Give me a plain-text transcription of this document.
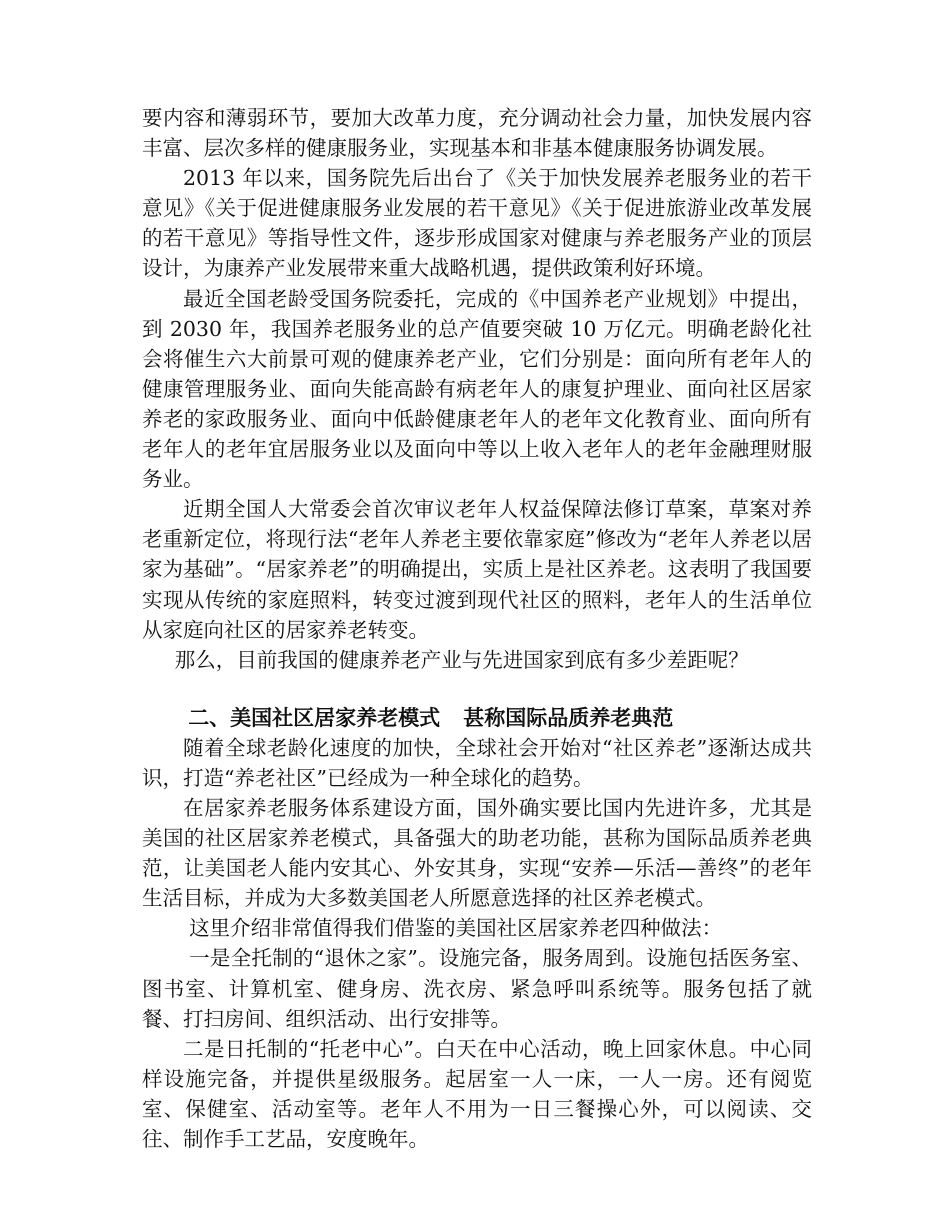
要内容和薄弱环节，要加大改革力度，充分调动社会力量，加快发展内容丰富、层次多样的健康服务业，实现基本和非基本健康服务协调发展。

2013 年以来，国务院先后出台了《关于加快发展养老服务业的若干意见》《关于促进健康服务业发展的若干意见》《关于促进旅游业改革发展的若干意见》等指导性文件，逐步形成国家对健康与养老服务产业的顶层设计，为康养产业发展带来重大战略机遇，提供政策利好环境。

最近全国老龄受国务院委托，完成的《中国养老产业规划》中提出，到 2030 年，我国养老服务业的总产值要突破 10 万亿元。明确老龄化社会将催生六大前景可观的健康养老产业，它们分别是：面向所有老年人的健康管理服务业、面向失能高龄有病老年人的康复护理业、面向社区居家养老的家政服务业、面向中低龄健康老年人的老年文化教育业、面向所有老年人的老年宜居服务业以及面向中等以上收入老年人的老年金融理财服务业。

近期全国人大常委会首次审议老年人权益保障法修订草案，草案对养老重新定位，将现行法“老年人养老主要依靠家庭”修改为“老年人养老以居家为基础”。“居家养老”的明确提出，实质上是社区养老。这表明了我国要实现从传统的家庭照料，转变过渡到现代社区的照料，老年人的生活单位从家庭向社区的居家养老转变。

那么，目前我国的健康养老产业与先进国家到底有多少差距呢？

二、美国社区居家养老模式 甚称国际品质养老典范

随着全球老龄化速度的加快，全球社会开始对“社区养老”逐渐达成共识，打造“养老社区”已经成为一种全球化的趋势。

在居家养老服务体系建设方面，国外确实要比国内先进许多，尤其是美国的社区居家养老模式，具备强大的助老功能，甚称为国际品质养老典范，让美国老人能内安其心、外安其身，实现“安养—乐活—善终”的老年生活目标，并成为大多数美国老人所愿意选择的社区养老模式。

这里介绍非常值得我们借鉴的美国社区居家养老四种做法：

一是全托制的“退休之家”。设施完备，服务周到。设施包括医务室、图书室、计算机室、健身房、洗衣房、紧急呼叫系统等。服务包括了就餐、打扫房间、组织活动、出行安排等。

二是日托制的“托老中心”。白天在中心活动，晚上回家休息。中心同样设施完备，并提供星级服务。起居室一人一床，一人一房。还有阅览室、保健室、活动室等。老年人不用为一日三餐操心外，可以阅读、交往、制作手工艺品，安度晚年。
